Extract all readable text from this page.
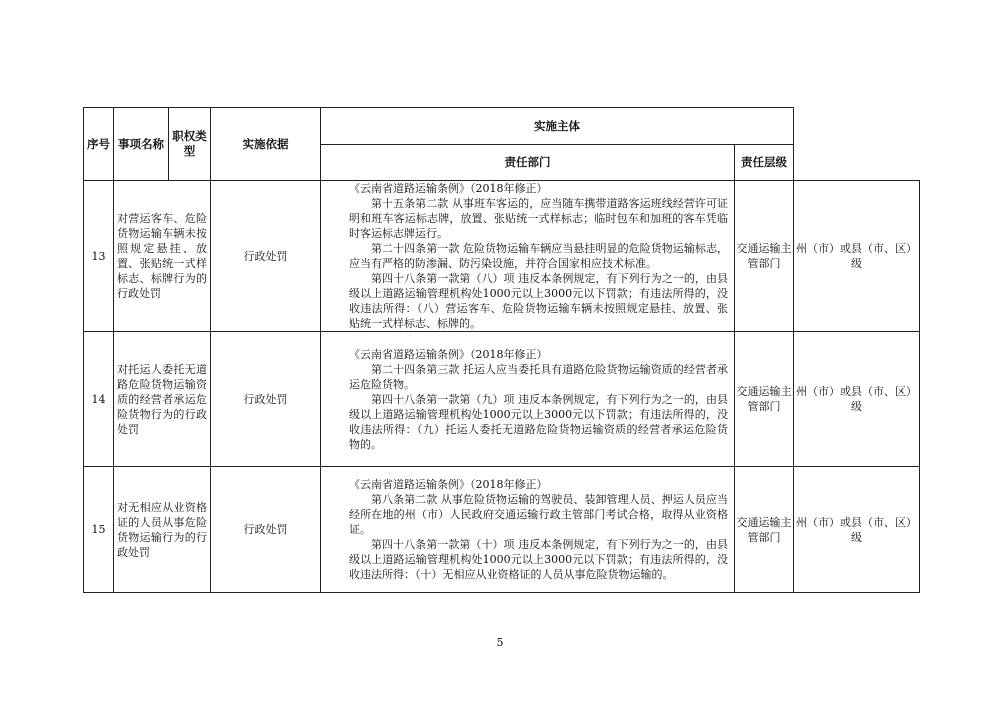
序号	事项名称	职权类型	实施依据	实施主体		
				责任部门	责任层级	
13	对营运客车、危险货物运输车辆未按照规定悬挂、放置、张贴统一式样标志、标牌行为的行政处罚		行政处罚	《云南省道路运输条例》（2018年修正）

第十五条第二款 从事班车客运的，应当随车携带道路客运班线经营许可证明和班车客运标志牌，放置、张贴统一式样标志；临时包车和加班的客车凭临时客运标志牌运行。

第二十四条第一款 危险货物运输车辆应当悬挂明显的危险货物运输标志，应当有严格的防渗漏、防污染设施，并符合国家相应技术标准。

第四十八条第一款第（八）项 违反本条例规定，有下列行为之一的，由县级以上道路运输管理机构处1000元以上3000元以下罚款；有违法所得的，没收违法所得：（八）营运客车、危险货物运输车辆未按照规定悬挂、放置、张贴统一式样标志、标牌的。	交通运输主管部门	州（市）或县（市、区）级
14	对托运人委托无道路危险货物运输资质的经营者承运危险货物行为的行政处罚		行政处罚	《云南省道路运输条例》（2018年修正）

第二十四条第三款 托运人应当委托具有道路危险货物运输资质的经营者承运危险货物。

第四十八条第一款第（九）项 违反本条例规定，有下列行为之一的，由县级以上道路运输管理机构处1000元以上3000元以下罚款；有违法所得的，没收违法所得：（九）托运人委托无道路危险货物运输资质的经营者承运危险货物的。	交通运输主管部门	州（市）或县（市、区）级
15	对无相应从业资格证的人员从事危险货物运输行为的行政处罚		行政处罚	《云南省道路运输条例》（2018年修正）

第八条第二款 从事危险货物运输的驾驶员、装卸管理人员、押运人员应当经所在地的州（市）人民政府交通运输行政主管部门考试合格，取得从业资格证。

第四十八条第一款第（十）项 违反本条例规定，有下列行为之一的，由县级以上道路运输管理机构处1000元以上3000元以下罚款；有违法所得的，没收违法所得：（十）无相应从业资格证的人员从事危险货物运输的。	交通运输主管部门	州（市）或县（市、区）级
5
